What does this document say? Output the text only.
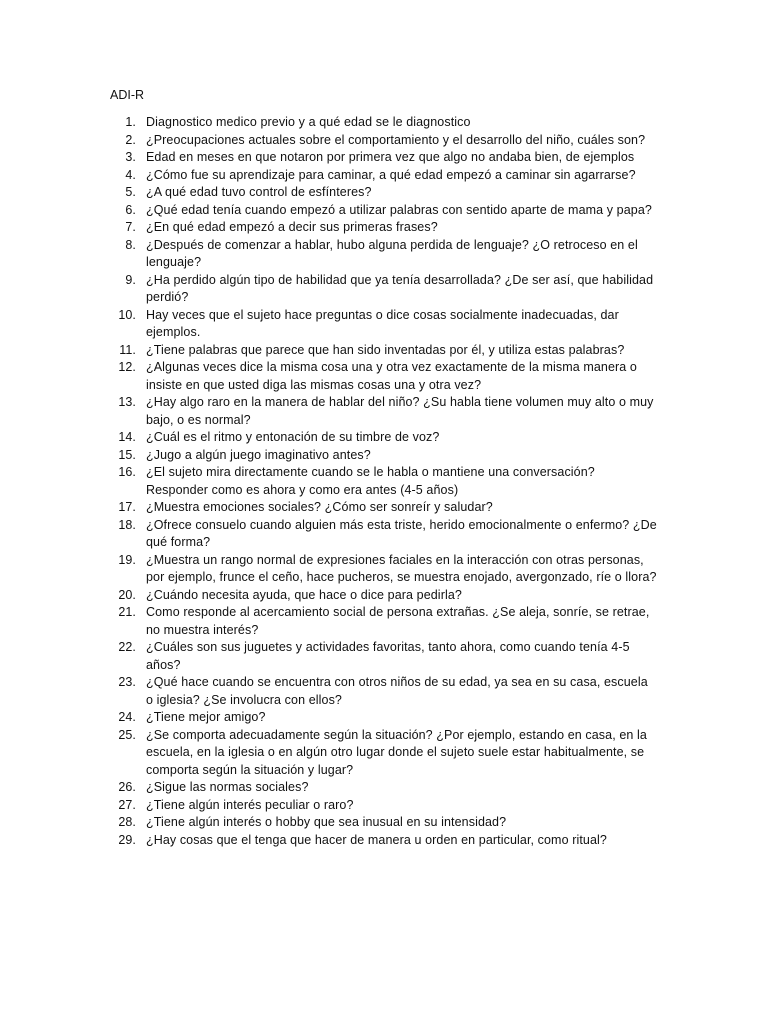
ADI-R
1. Diagnostico medico previo y a qué edad se le diagnostico
2. ¿Preocupaciones actuales sobre el comportamiento y el desarrollo del niño, cuáles son?
3. Edad en meses en que notaron por primera vez que algo no andaba bien, de ejemplos
4. ¿Cómo fue su aprendizaje para caminar, a qué edad empezó a caminar sin agarrarse?
5. ¿A qué edad tuvo control de esfínteres?
6. ¿Qué edad tenía cuando empezó a utilizar palabras con sentido aparte de mama y papa?
7. ¿En qué edad empezó a decir sus primeras frases?
8. ¿Después de comenzar a hablar, hubo alguna perdida de lenguaje? ¿O retroceso en el lenguaje?
9. ¿Ha perdido algún tipo de habilidad que ya tenía desarrollada? ¿De ser así, que habilidad perdió?
10. Hay veces que el sujeto hace preguntas o dice cosas socialmente inadecuadas, dar ejemplos.
11. ¿Tiene palabras que parece que han sido inventadas por él, y utiliza estas palabras?
12. ¿Algunas veces dice la misma cosa una y otra vez exactamente de la misma manera o insiste en que usted diga las mismas cosas una y otra vez?
13. ¿Hay algo raro en la manera de hablar del niño? ¿Su habla tiene volumen muy alto o muy bajo, o es normal?
14. ¿Cuál es el ritmo y entonación de su timbre de voz?
15. ¿Jugo a algún juego imaginativo antes?
16. ¿El sujeto mira directamente cuando se le habla o mantiene una conversación? Responder como es ahora y como era antes (4-5 años)
17. ¿Muestra emociones sociales? ¿Cómo ser sonreír y saludar?
18. ¿Ofrece consuelo cuando alguien más esta triste, herido emocionalmente o enfermo? ¿De qué forma?
19. ¿Muestra un rango normal de expresiones faciales en la interacción con otras personas, por ejemplo, frunce el ceño, hace pucheros, se muestra enojado, avergonzado, ríe o llora?
20. ¿Cuándo necesita ayuda, que hace o dice para pedirla?
21. Como responde al acercamiento social de persona extrañas. ¿Se aleja, sonríe, se retrae, no muestra interés?
22. ¿Cuáles son sus juguetes y actividades favoritas, tanto ahora, como cuando tenía 4-5 años?
23. ¿Qué hace cuando se encuentra con otros niños de su edad, ya sea en su casa, escuela o iglesia? ¿Se involucra con ellos?
24. ¿Tiene mejor amigo?
25. ¿Se comporta adecuadamente según la situación? ¿Por ejemplo, estando en casa, en la escuela, en la iglesia o en algún otro lugar donde el sujeto suele estar habitualmente, se comporta según la situación y lugar?
26. ¿Sigue las normas sociales?
27. ¿Tiene algún interés peculiar o raro?
28. ¿Tiene algún interés o hobby que sea inusual en su intensidad?
29. ¿Hay cosas que el tenga que hacer de manera u orden en particular, como ritual?
